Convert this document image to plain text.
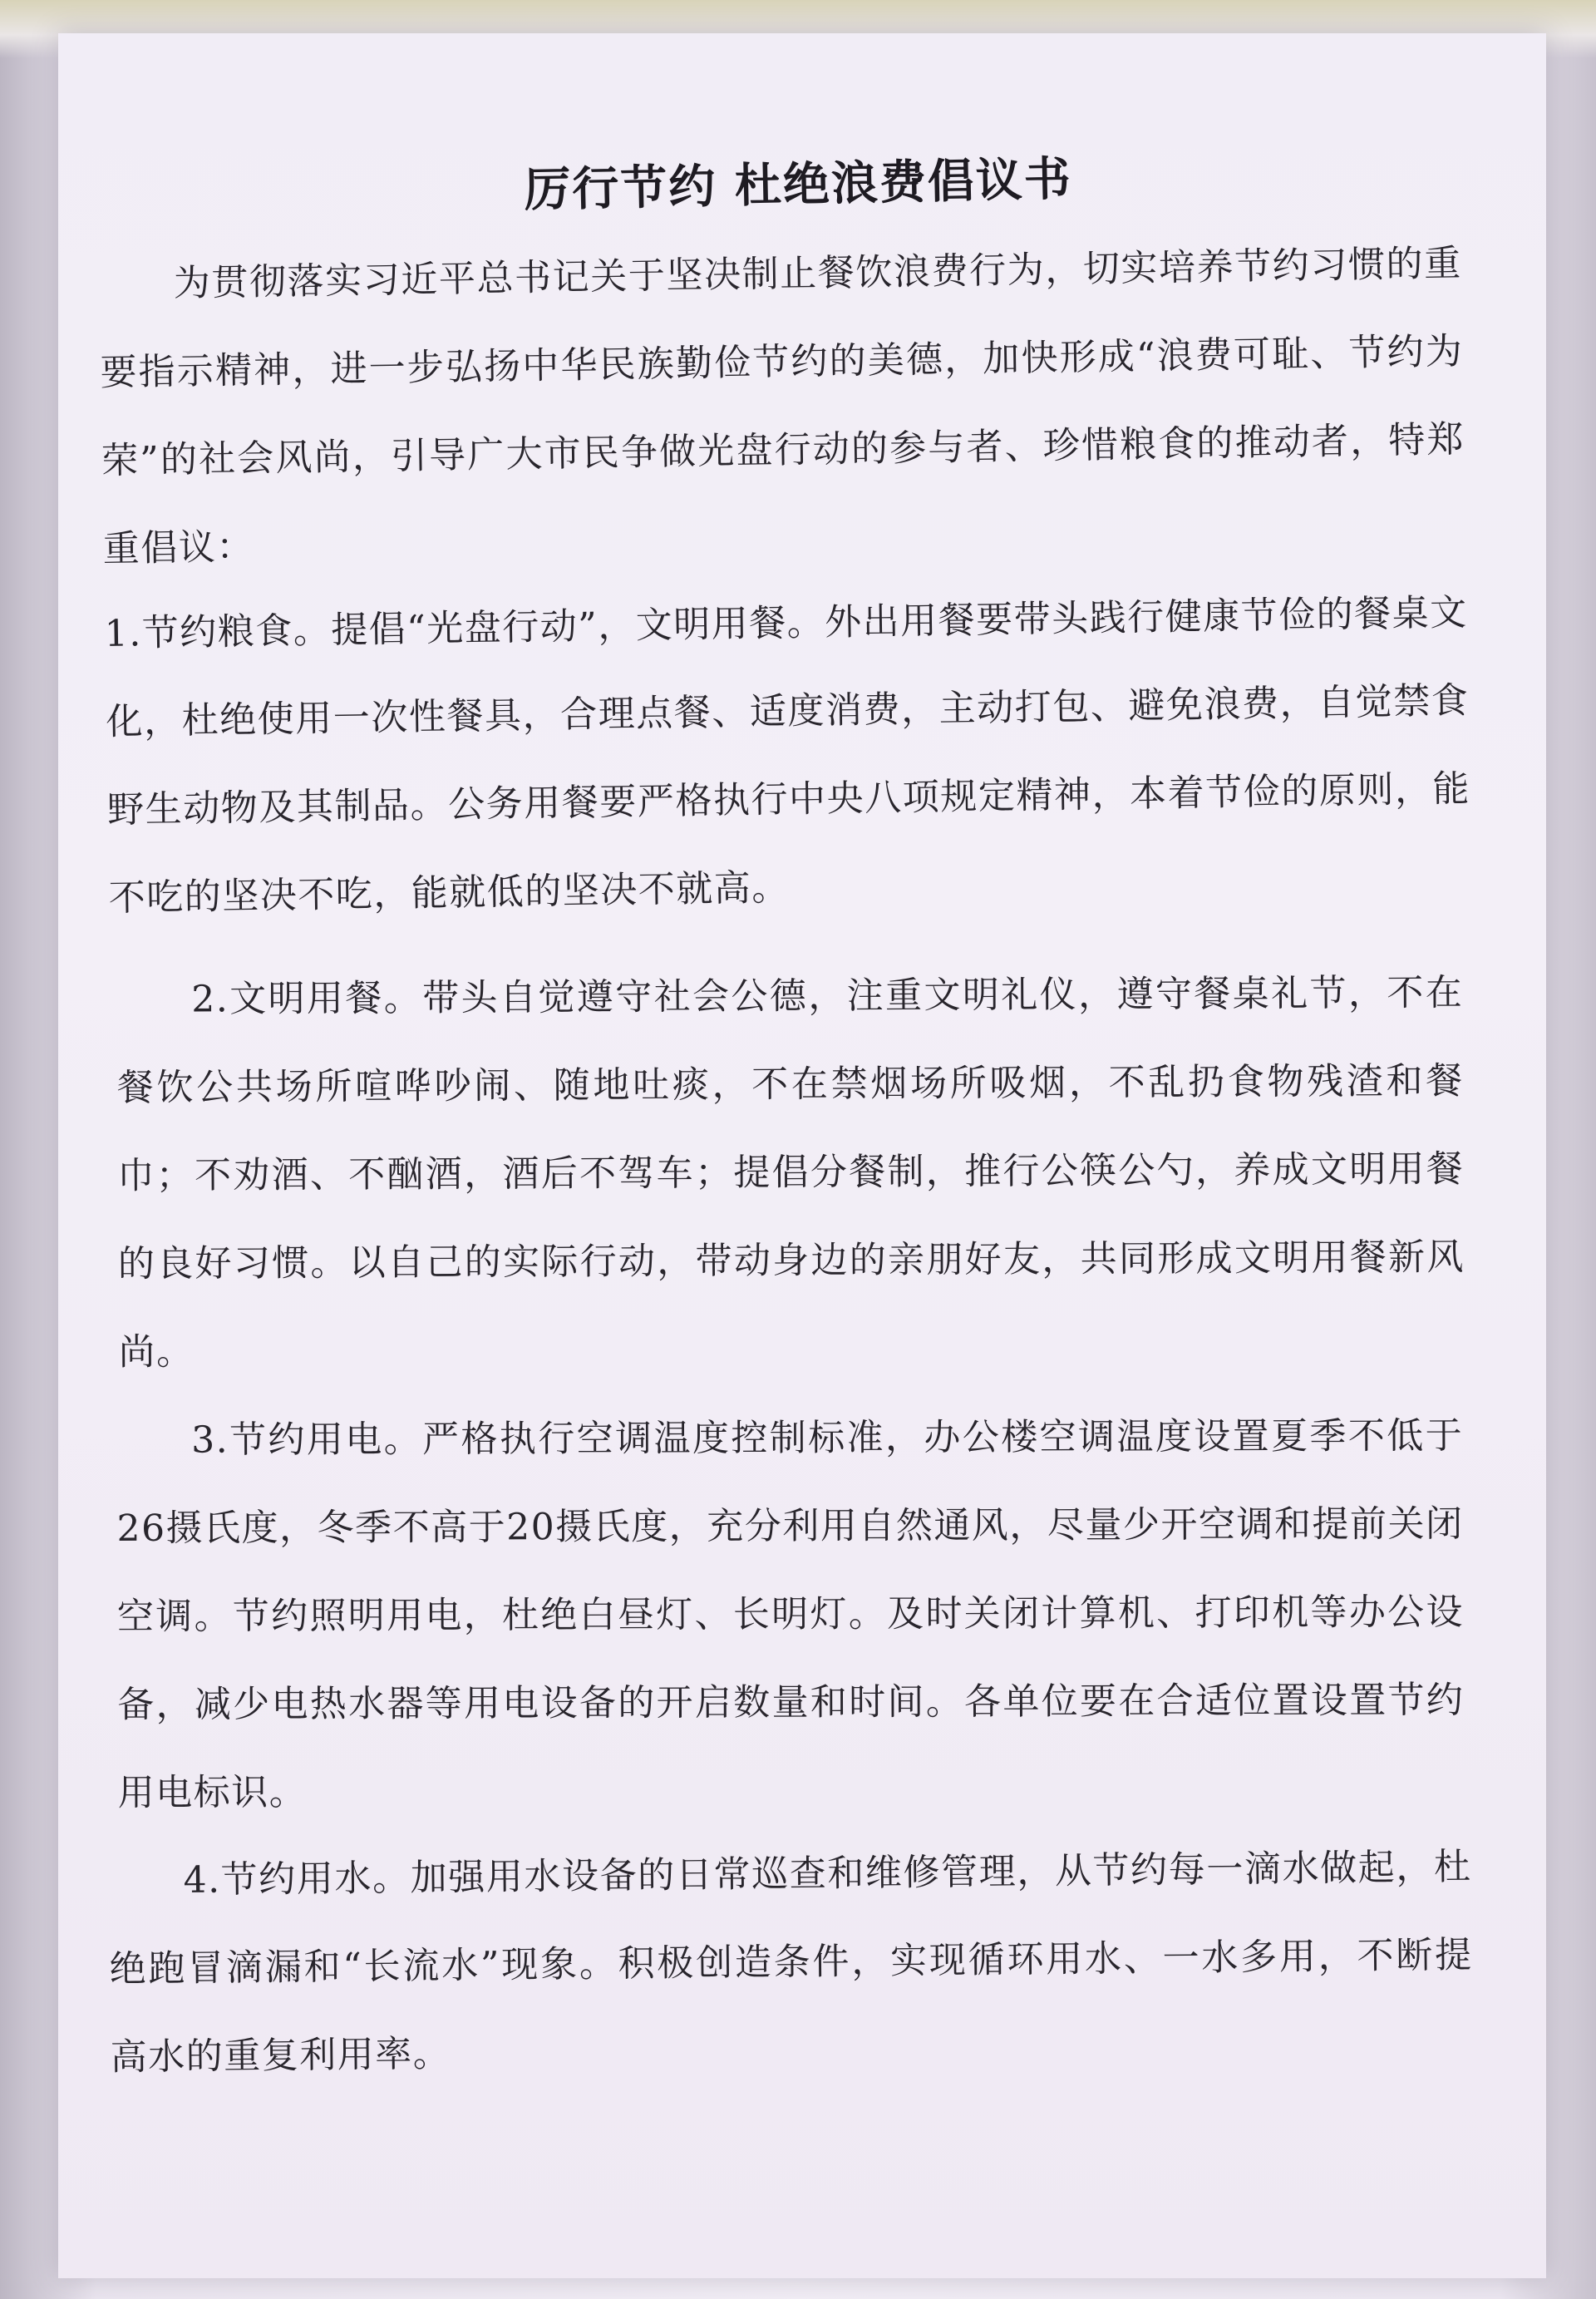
厉行节约 杜绝浪费倡议书
为贯彻落实习近平总书记关于坚决制止餐饮浪费行为，切实培养节约习惯的重要指示精神，进一步弘扬中华民族勤俭节约的美德，加快形成“浪费可耻、节约为荣”的社会风尚，引导广大市民争做光盘行动的参与者、珍惜粮食的推动者，特郑重倡议：
1.节约粮食。提倡“光盘行动”，文明用餐。外出用餐要带头践行健康节俭的餐桌文化，杜绝使用一次性餐具，合理点餐、适度消费，主动打包、避免浪费，自觉禁食野生动物及其制品。公务用餐要严格执行中央八项规定精神，本着节俭的原则，能不吃的坚决不吃，能就低的坚决不就高。
2.文明用餐。带头自觉遵守社会公德，注重文明礼仪，遵守餐桌礼节，不在餐饮公共场所喧哗吵闹、随地吐痰，不在禁烟场所吸烟，不乱扔食物残渣和餐巾；不劝酒、不酗酒，酒后不驾车；提倡分餐制，推行公筷公勺，养成文明用餐的良好习惯。以自己的实际行动，带动身边的亲朋好友，共同形成文明用餐新风尚。
3.节约用电。严格执行空调温度控制标准，办公楼空调温度设置夏季不低于26摄氏度，冬季不高于20摄氏度，充分利用自然通风，尽量少开空调和提前关闭空调。节约照明用电，杜绝白昼灯、长明灯。及时关闭计算机、打印机等办公设备，减少电热水器等用电设备的开启数量和时间。各单位要在合适位置设置节约用电标识。
4.节约用水。加强用水设备的日常巡查和维修管理，从节约每一滴水做起，杜绝跑冒滴漏和“长流水”现象。积极创造条件，实现循环用水、一水多用，不断提高水的重复利用率。
